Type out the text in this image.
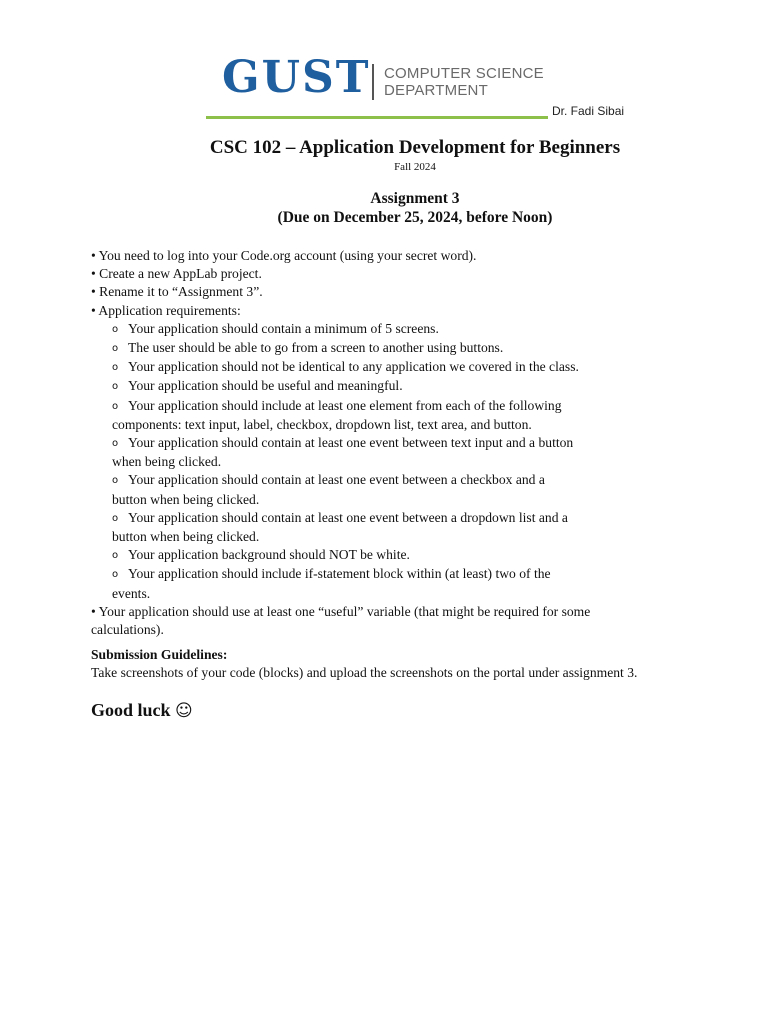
GUST COMPUTER SCIENCE
DEPARTMENT
Dr. Fadi Sibai
CSC 102 – Application Development for Beginners
Fall 2024
Assignment 3
(Due on December 25, 2024, before Noon)
• You need to log into your Code.org account (using your secret word).
• Create a new AppLab project.
• Rename it to “Assignment 3”.
• Application requirements:
o Your application should contain a minimum of 5 screens.
o The user should be able to go from a screen to another using buttons.
o Your application should not be identical to any application we covered in the class.
o Your application should be useful and meaningful.
o Your application should include at least one element from each of the following
components: text input, label, checkbox, dropdown list, text area, and button.
o Your application should contain at least one event between text input and a button
when being clicked.
o Your application should contain at least one event between a checkbox and a
button when being clicked.
o Your application should contain at least one event between a dropdown list and a
button when being clicked.
o Your application background should NOT be white.
o Your application should include if-statement block within (at least) two of the
events.
• Your application should use at least one “useful” variable (that might be required for some
calculations).
Submission Guidelines:
Take screenshots of your code (blocks) and upload the screenshots on the portal under assignment 3.
Good luck ☺
